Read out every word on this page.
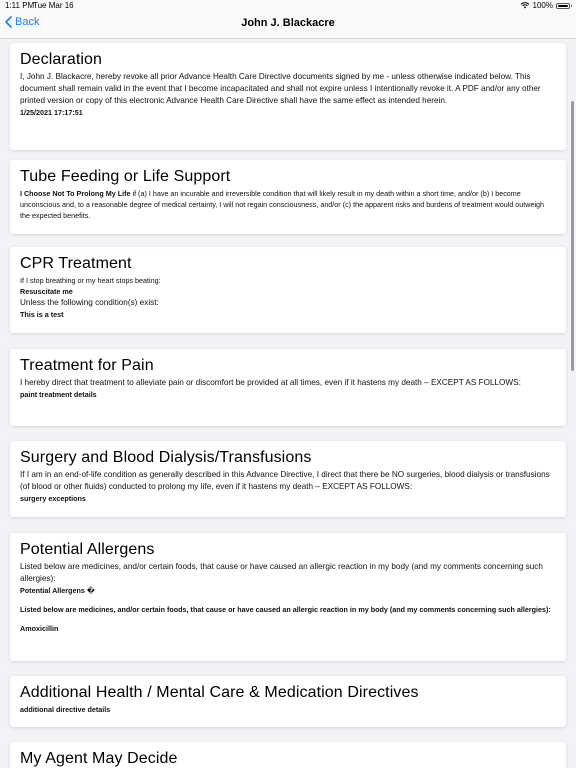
1:11 PM
Tue Mar 16	100%
Back	John J. Blackacre
Declaration

I, John J. Blackacre, hereby revoke all prior Advance Health Care Directive documents signed by me - unless otherwise indicated below. This document shall remain valid in the event that I become incapacitated and shall not expire unless I intentionally revoke it. A PDF and/or any other printed version or copy of this electronic Advance Health Care Directive shall have the same effect as intended herein.

1/25/2021 17:17:51

Tube Feeding or Life Support

I Choose Not To Prolong My Life if (a) I have an incurable and irreversible condition that will likely result in my death within a short time, and/or (b) I become unconscious and, to a reasonable degree of medical certainty, I will not regain consciousness, and/or (c) the apparent risks and burdens of treatment would outweigh the expected benefits.

CPR Treatment

If I stop breathing or my heart stops beating:

Resuscitate me

Unless the following condition(s) exist:

This is a test

Treatment for Pain

I hereby direct that treatment to alleviate pain or discomfort be provided at all times, even if it hastens my death – EXCEPT AS FOLLOWS:

paint treatment details

Surgery and Blood Dialysis/Transfusions

If I am in an end-of-life condition as generally described in this Advance Directive, I direct that there be NO surgeries, blood dialysis or transfusions (of blood or other fluids) conducted to prolong my life, even if it hastens my death – EXCEPT AS FOLLOWS:

surgery exceptions

Potential Allergens

Listed below are medicines, and/or certain foods, that cause or have caused an allergic reaction in my body (and my comments concerning such allergies):

Potential Allergens �

Listed below are medicines, and/or certain foods, that cause or have caused an allergic reaction in my body (and my comments concerning such allergies):

Amoxicillin

Additional Health / Mental Care & Medication Directives

additional directive details

My Agent May Decide
